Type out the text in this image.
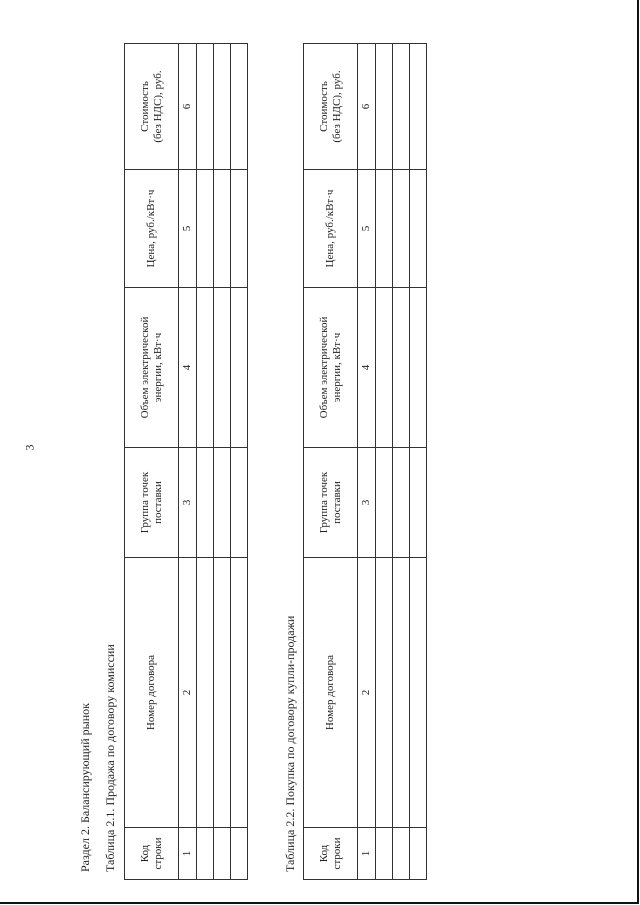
3
Раздел 2. Балансирующий рынок Таблица 2.1. Продажа по договору комиссии Код
строки	Номер договора	Группа точек
поставки	Объем электрической
энергии, кВт·ч	Цена, руб./кВт·ч	Стоимость
(без НДС), руб.
1	2	3	4	5	6

Таблица 2.2. Покупка по договору купли-продажи Код
строки	Номер договора	Группа точек
поставки	Объем электрической
энергии, кВт·ч	Цена, руб./кВт·ч	Стоимость
(без НДС), руб.
1	2	3	4	5	6
